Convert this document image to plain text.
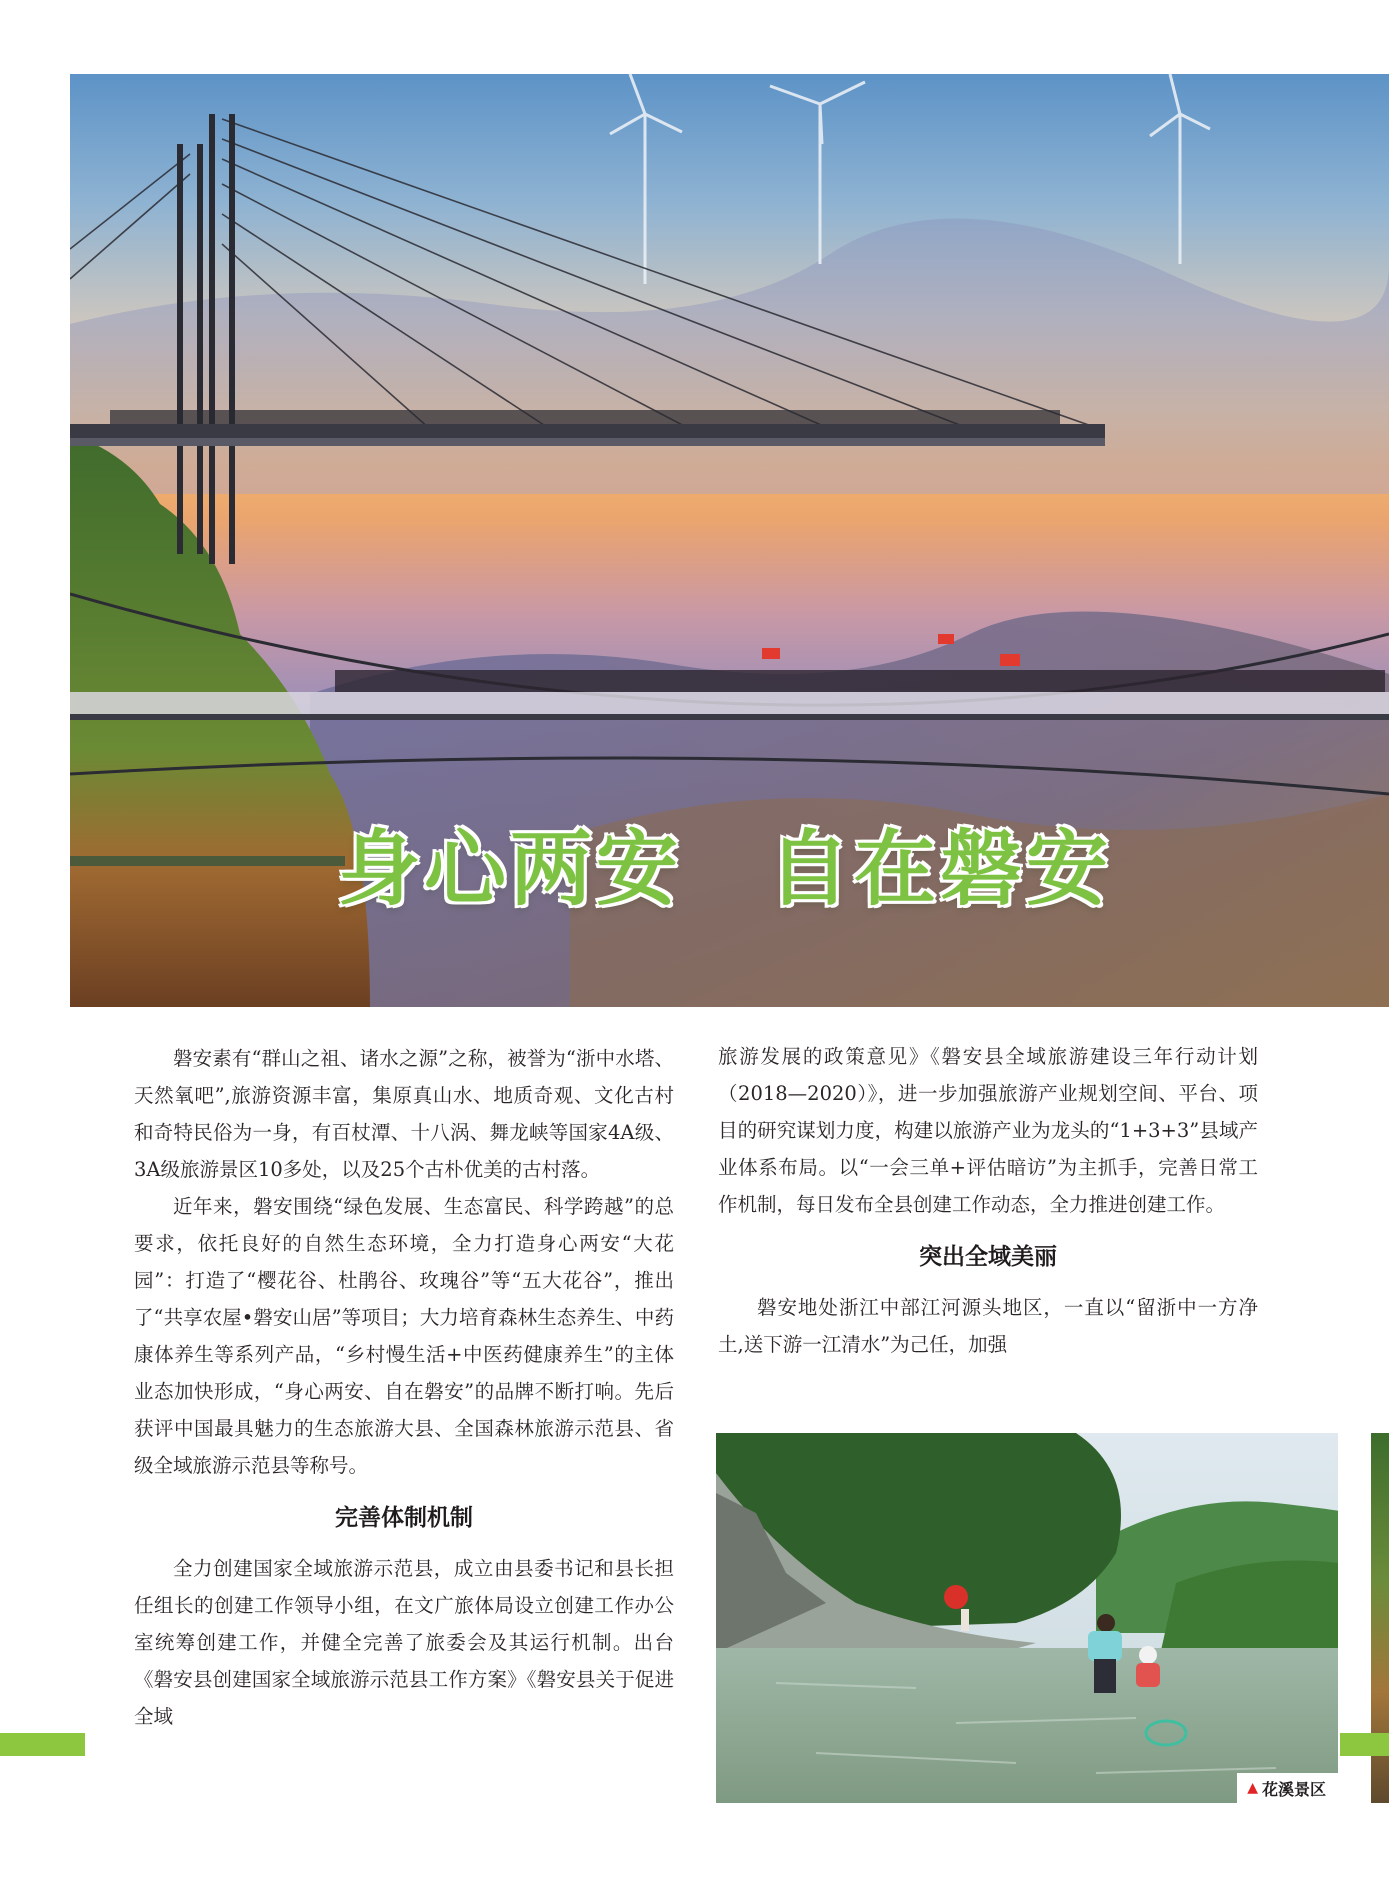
身心两安　自在磐安

磐安素有“群山之祖、诸水之源”之称，被誉为“浙中水塔、天然氧吧”,旅游资源丰富，集原真山水、地质奇观、文化古村和奇特民俗为一身，有百杖潭、十八涡、舞龙峡等国家4A级、3A级旅游景区10多处，以及25个古朴优美的古村落。

近年来，磐安围绕“绿色发展、生态富民、科学跨越”的总要求，依托良好的自然生态环境，全力打造身心两安“大花园”：打造了“樱花谷、杜鹃谷、玫瑰谷”等“五大花谷”，推出了“共享农屋•磐安山居”等项目；大力培育森林生态养生、中药康体养生等系列产品，“乡村慢生活+中医药健康养生”的主体业态加快形成，“身心两安、自在磐安”的品牌不断打响。先后获评中国最具魅力的生态旅游大县、全国森林旅游示范县、省级全域旅游示范县等称号。

完善体制机制

全力创建国家全域旅游示范县，成立由县委书记和县长担任组长的创建工作领导小组，在文广旅体局设立创建工作办公室统筹创建工作，并健全完善了旅委会及其运行机制。出台《磐安县创建国家全域旅游示范县工作方案》《磐安县关于促进全域

旅游发展的政策意见》《磐安县全域旅游建设三年行动计划（2018—2020）》，进一步加强旅游产业规划空间、平台、项目的研究谋划力度，构建以旅游产业为龙头的“1+3+3”县域产业体系布局。以“一会三单+评估暗访”为主抓手，完善日常工作机制，每日发布全县创建工作动态，全力推进创建工作。

突出全域美丽

磐安地处浙江中部江河源头地区，一直以“留浙中一方净土,送下游一江清水”为己任，加强

▲ 花溪景区
